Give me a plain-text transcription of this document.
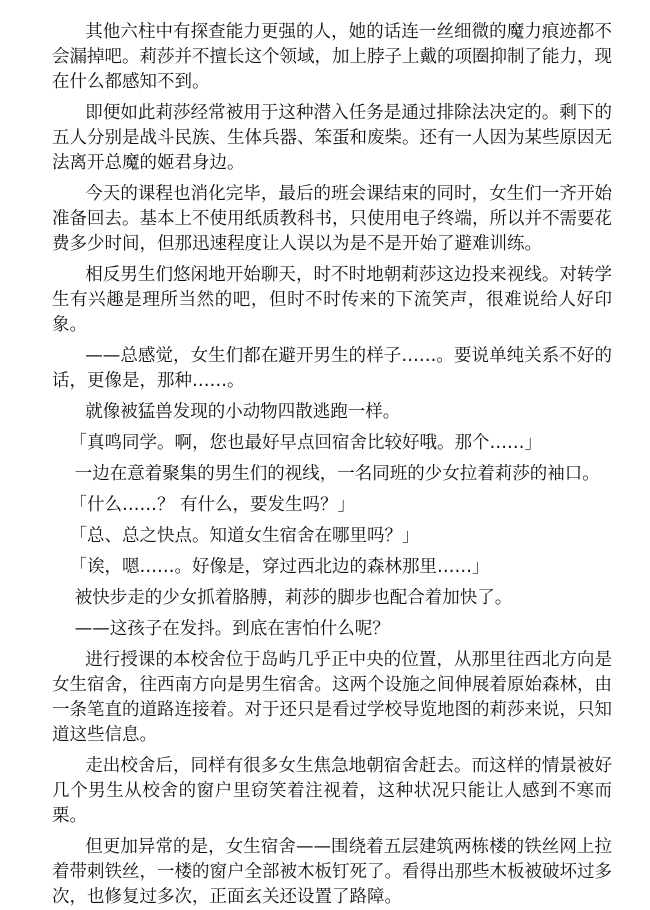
其他六柱中有探查能力更强的人，她的话连一丝细微的魔力痕迹都不会漏掉吧。莉莎并不擅长这个领域，加上脖子上戴的项圈抑制了能力，现在什么都感知不到。

即便如此莉莎经常被用于这种潜入任务是通过排除法决定的。剩下的五人分别是战斗民族、生体兵器、笨蛋和废柴。还有一人因为某些原因无法离开总魔的姬君身边。

今天的课程也消化完毕，最后的班会课结束的同时，女生们一齐开始准备回去。基本上不使用纸质教科书，只使用电子终端，所以并不需要花费多少时间，但那迅速程度让人误以为是不是开始了避难训练。

相反男生们悠闲地开始聊天，时不时地朝莉莎这边投来视线。对转学生有兴趣是理所当然的吧，但时不时传来的下流笑声，很难说给人好印象。

——总感觉，女生们都在避开男生的样子……。要说单纯关系不好的话，更像是，那种……。

就像被猛兽发现的小动物四散逃跑一样。

「真鸣同学。啊，您也最好早点回宿舍比较好哦。那个……」

一边在意着聚集的男生们的视线，一名同班的少女拉着莉莎的袖口。

「什么……？ 有什么，要发生吗？」

「总、总之快点。知道女生宿舍在哪里吗？」

「诶，嗯……。好像是，穿过西北边的森林那里……」

被快步走的少女抓着胳膊，莉莎的脚步也配合着加快了。

——这孩子在发抖。到底在害怕什么呢？

进行授课的本校舍位于岛屿几乎正中央的位置，从那里往西北方向是女生宿舍，往西南方向是男生宿舍。这两个设施之间伸展着原始森林，由一条笔直的道路连接着。对于还只是看过学校导览地图的莉莎来说，只知道这些信息。

走出校舍后，同样有很多女生焦急地朝宿舍赶去。而这样的情景被好几个男生从校舍的窗户里窃笑着注视着，这种状况只能让人感到不寒而栗。

但更加异常的是，女生宿舍——围绕着五层建筑两栋楼的铁丝网上拉着带刺铁丝，一楼的窗户全部被木板钉死了。看得出那些木板被破坏过多次，也修复过多次，正面玄关还设置了路障。
